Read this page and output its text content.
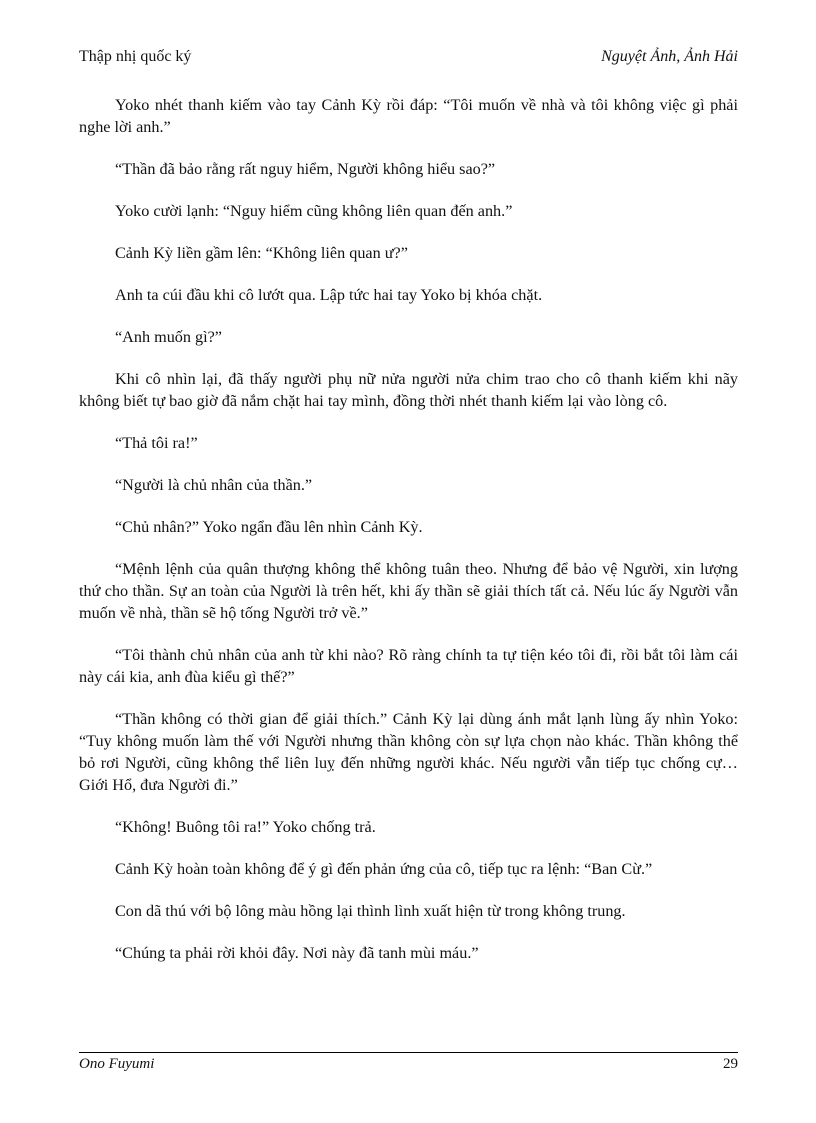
Thập nhị quốc ký	Nguyệt Ảnh, Ảnh Hải

Yoko nhét thanh kiếm vào tay Cảnh Kỳ rồi đáp: “Tôi muốn về nhà và tôi không việc gì phải nghe lời anh.”

“Thần đã bảo rằng rất nguy hiểm, Người không hiểu sao?”

Yoko cười lạnh: “Nguy hiểm cũng không liên quan đến anh.”

Cảnh Kỳ liền gầm lên: “Không liên quan ư?”

Anh ta cúi đầu khi cô lướt qua. Lập tức hai tay Yoko bị khóa chặt.

“Anh muốn gì?”

Khi cô nhìn lại, đã thấy người phụ nữ nửa người nửa chim trao cho cô thanh kiếm khi nãy không biết tự bao giờ đã nắm chặt hai tay mình, đồng thời nhét thanh kiếm lại vào lòng cô.

“Thả tôi ra!”

“Người là chủ nhân của thần.”

“Chủ nhân?” Yoko ngẩn đầu lên nhìn Cảnh Kỳ.

“Mệnh lệnh của quân thượng không thể không tuân theo. Nhưng để bảo vệ Người, xin lượng thứ cho thần. Sự an toàn của Người là trên hết, khi ấy thần sẽ giải thích tất cả. Nếu lúc ấy Người vẫn muốn về nhà, thần sẽ hộ tống Người trở về.”

“Tôi thành chủ nhân của anh từ khi nào? Rõ ràng chính ta tự tiện kéo tôi đi, rồi bắt tôi làm cái này cái kia, anh đùa kiểu gì thế?”

“Thần không có thời gian để giải thích.” Cảnh Kỳ lại dùng ánh mắt lạnh lùng ấy nhìn Yoko: “Tuy không muốn làm thế với Người nhưng thần không còn sự lựa chọn nào khác. Thần không thể bỏ rơi Người, cũng không thể liên luỵ đến những người khác. Nếu người vẫn tiếp tục chống cự… Giới Hổ, đưa Người đi.”

“Không! Buông tôi ra!” Yoko chống trả.

Cảnh Kỳ hoàn toàn không để ý gì đến phản ứng của cô, tiếp tục ra lệnh: “Ban Cừ.”

Con dã thú với bộ lông màu hồng lại thình lình xuất hiện từ trong không trung.

“Chúng ta phải rời khỏi đây. Nơi này đã tanh mùi máu.”

Ono Fuyumi	29
